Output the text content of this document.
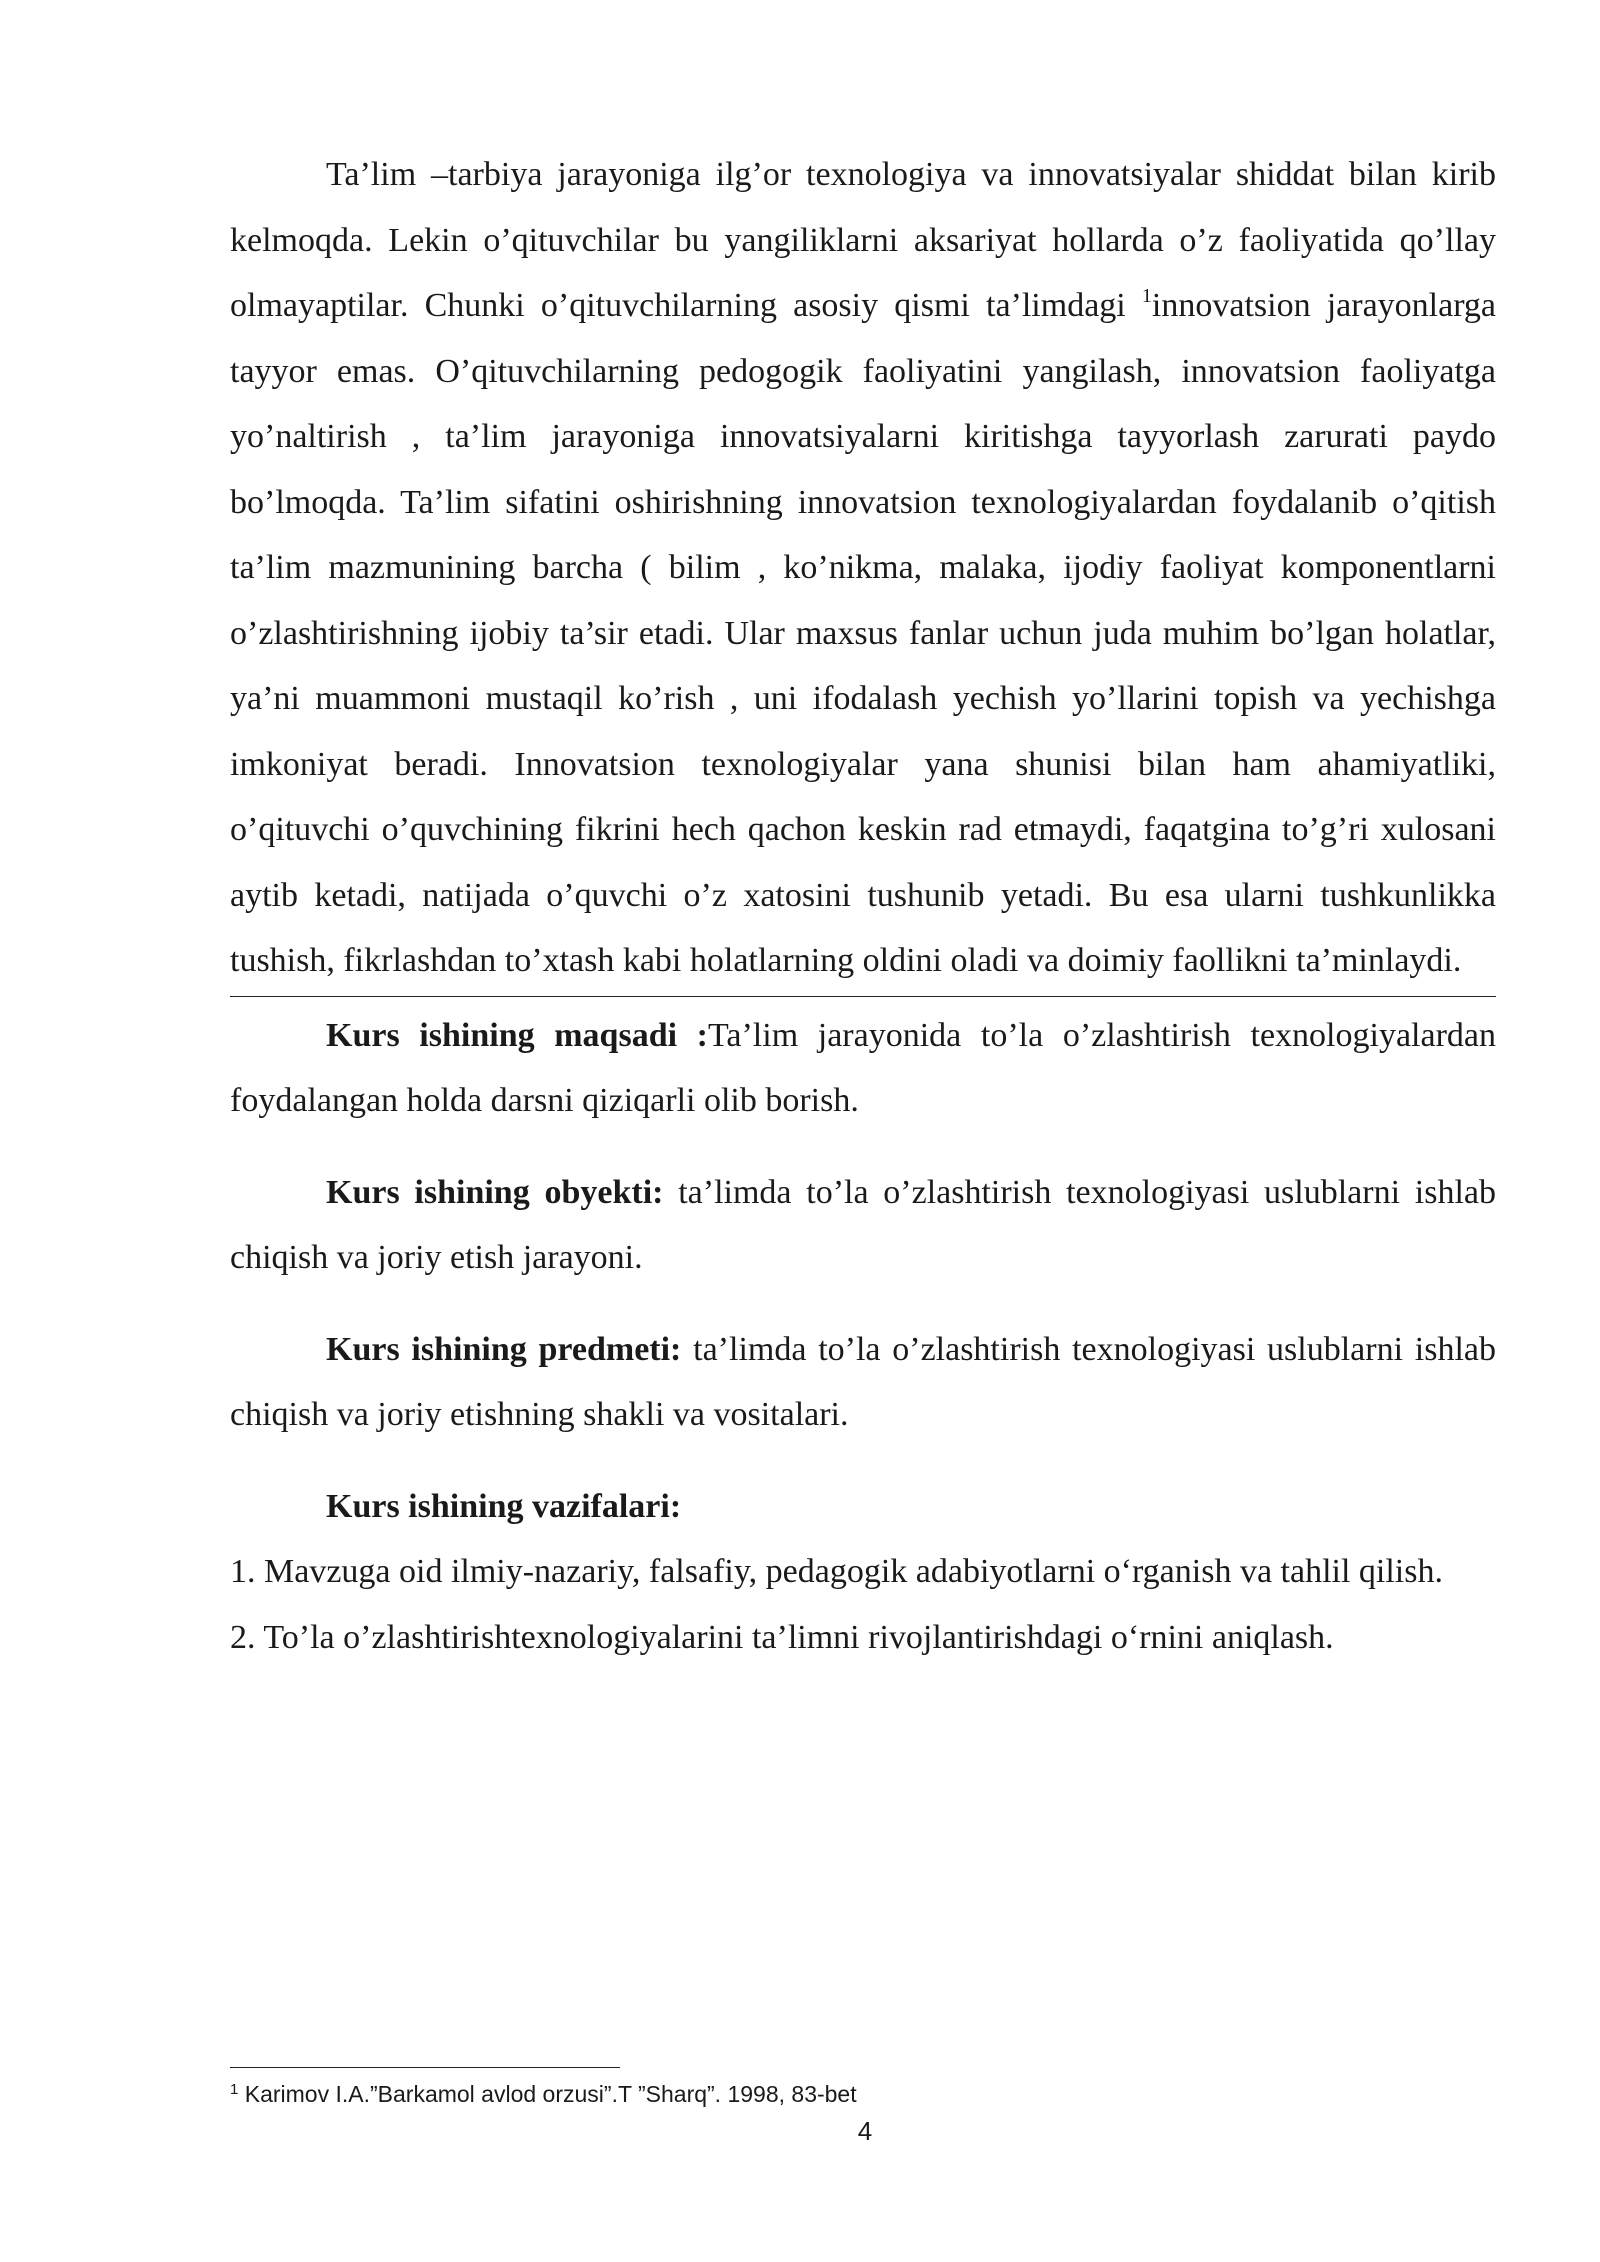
Ta’lim –tarbiya jarayoniga ilg’or texnologiya va innovatsiyalar shiddat bilan kirib kelmoqda. Lekin o’qituvchilar bu yangiliklarni aksariyat hollarda o’z faoliyatida qo’llay olmayaptilar. Chunki o’qituvchilarning asosiy qismi ta’limdagi $^1$innovatsion jarayonlarga tayyor emas. O’qituvchilarning pedogogik faoliyatini yangilash, innovatsion faoliyatga yo’naltirish , ta’lim jarayoniga innovatsiyalarni kiritishga tayyorlash zarurati paydo bo’lmoqda. Ta’lim sifatini oshirishning innovatsion texnologiyalardan foydalanib o’qitish ta’lim mazmunining barcha ( bilim , ko’nikma, malaka, ijodiy faoliyat komponentlarni o’zlashtirishning ijobiy ta’sir etadi. Ular maxsus fanlar uchun juda muhim bo’lgan holatlar, ya’ni muammoni mustaqil ko’rish , uni ifodalash yechish yo’llarini topish va yechishga imkoniyat beradi. Innovatsion texnologiyalar yana shunisi bilan ham ahamiyatliki, o’qituvchi o’quvchining fikrini hech qachon keskin rad etmaydi, faqatgina to’g’ri xulosani aytib ketadi, natijada o’quvchi o’z xatosini tushunib yetadi. Bu esa ularni tushkunlikka tushish, fikrlashdan to’xtash kabi holatlarning oldini oladi va doimiy faollikni ta’minlaydi.

Kurs ishining maqsadi :Ta’lim jarayonida to’la o’zlashtirish texnologiyalardan foydalangan holda darsni qiziqarli olib borish.

Kurs ishining obyekti: ta’limda to’la o’zlashtirish texnologiyasi uslublarni ishlab chiqish va joriy etish jarayoni.

Kurs ishining predmeti: ta’limda to’la o’zlashtirish texnologiyasi uslublarni ishlab chiqish va joriy etishning shakli va vositalari.

Kurs ishining vazifalari:

1. Mavzuga oid ilmiy-nazariy, falsafiy, pedagogik adabiyotlarni o‘rganish va tahlil qilish.

2. To’la o’zlashtirishtexnologiyalarini ta’limni rivojlantirishdagi o‘rnini aniqlash.

$^1$ Karimov I.A.”Barkamol avlod orzusi”.T ”Sharq”. 1998, 83-bet
4
